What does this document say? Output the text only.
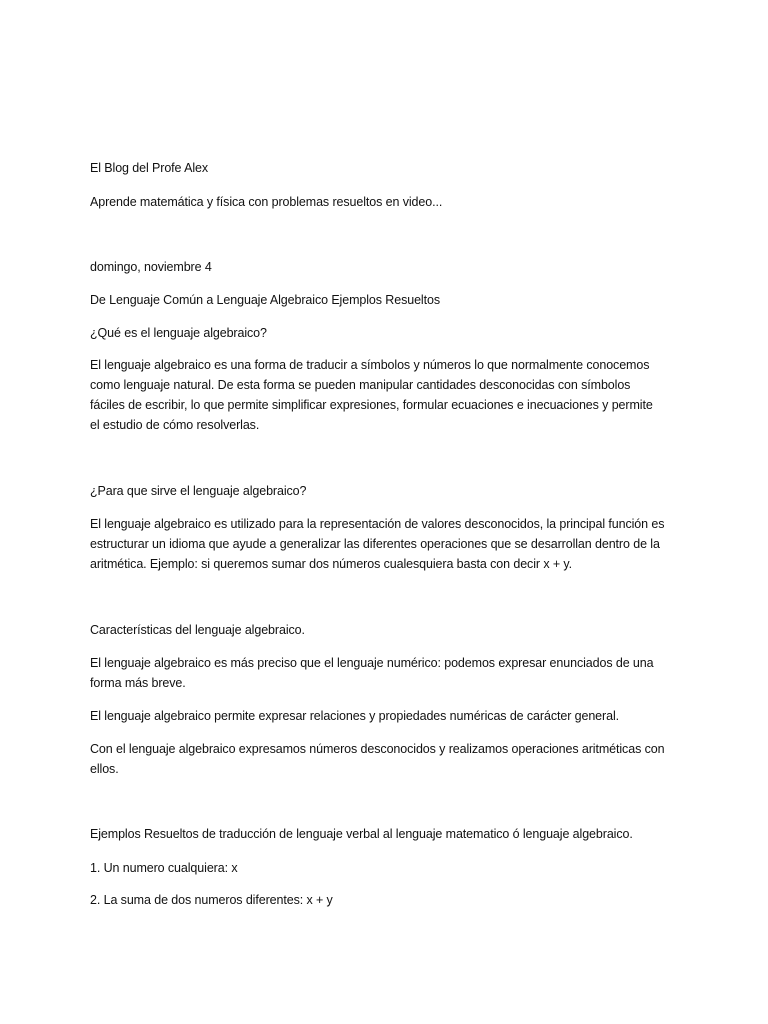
El Blog del Profe Alex
Aprende matemática y física con problemas resueltos en video...
domingo, noviembre 4
De Lenguaje Común a Lenguaje Algebraico Ejemplos Resueltos
¿Qué es el lenguaje algebraico?
El lenguaje algebraico es una forma de traducir a símbolos y números lo que normalmente conocemos
como lenguaje natural. De esta forma se pueden manipular cantidades desconocidas con símbolos
fáciles de escribir, lo que permite simplificar expresiones, formular ecuaciones e inecuaciones y permite
el estudio de cómo resolverlas.
¿Para que sirve el lenguaje algebraico?
El lenguaje algebraico es utilizado para la representación de valores desconocidos, la principal función es
estructurar un idioma que ayude a generalizar las diferentes operaciones que se desarrollan dentro de la
aritmética. Ejemplo: si queremos sumar dos números cualesquiera basta con decir x + y.
Características del lenguaje algebraico.
El lenguaje algebraico es más preciso que el lenguaje numérico: podemos expresar enunciados de una
forma más breve.
El lenguaje algebraico permite expresar relaciones y propiedades numéricas de carácter general.
Con el lenguaje algebraico expresamos números desconocidos y realizamos operaciones aritméticas con
ellos.
Ejemplos Resueltos de traducción de lenguaje verbal al lenguaje matematico ó lenguaje algebraico.
1. Un numero cualquiera: x
2. La suma de dos numeros diferentes: x + y
